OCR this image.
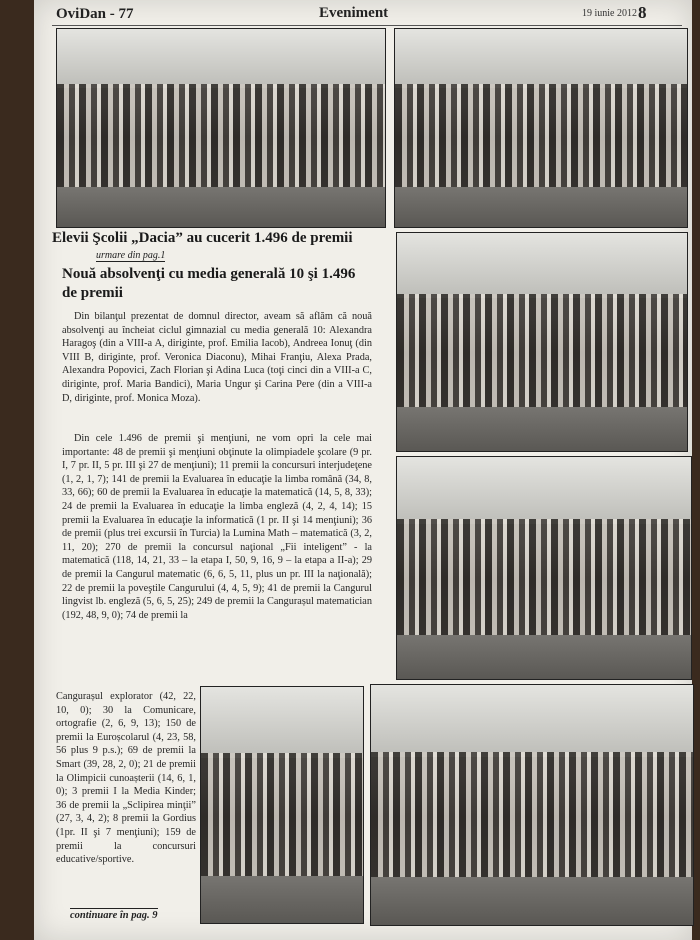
OviDan - 77	Eveniment	19 iunie 2012 8
Elevii Şcolii „Dacia” au cucerit 1.496 de premii
urmare din pag.1
Nouă absolvenţi cu media generală 10 şi 1.496 de premii
Din bilanţul prezentat de domnul director, aveam să aflăm că nouă absolvenţi au încheiat ciclul gimnazial cu media generală 10: Alexandra Haragoş (din a VIII-a A, diriginte, prof. Emilia Iacob), Andreea Ionuţ (din VIII B, diriginte, prof. Veronica Diaconu), Mihai Franţiu, Alexa Prada, Alexandra Popovici, Zach Florian şi Adina Luca (toţi cinci din a VIII-a C, diriginte, prof. Maria Bandici), Maria Ungur şi Carina Pere (din a VIII-a D, diriginte, prof. Monica Moza).
Din cele 1.496 de premii şi menţiuni, ne vom opri la cele mai importante: 48 de premii şi menţiuni obţinute la olimpiadele şcolare (9 pr. I, 7 pr. II, 5 pr. III şi 27 de menţiuni); 11 premii la concursuri interjudeţene (1, 2, 1, 7); 141 de premii la Evaluarea în educaţie la limba română (34, 8, 33, 66); 60 de premii la Evaluarea în educaţie la matematică (14, 5, 8, 33); 24 de premii la Evaluarea în educaţie la limba engleză (4, 2, 4, 14); 15 premii la Evaluarea în educaţie la informatică (1 pr. II şi 14 menţiuni); 36 de premii (plus trei excursii în Turcia) la Lumina Math – matematică (3, 2, 11, 20); 270 de premii la concursul naţional „Fii inteligent” - la matematică (118, 14, 21, 33 – la etapa I, 50, 9, 16, 9 – la etapa a II-a); 29 de premii la Cangurul matematic (6, 6, 5, 11, plus un pr. III la naţională); 22 de premii la poveştile Cangurului (4, 4, 5, 9); 41 de premii la Cangurul lingvist lb. engleză (5, 6, 5, 25); 249 de premii la Cangurașul matematician (192, 48, 9, 0); 74 de premii la
Cangurașul explorator (42, 22, 10, 0); 30 la Comunicare, ortografie (2, 6, 9, 13); 150 de premii la Euroșcolarul (4, 23, 58, 56 plus 9 p.s.); 69 de premii la Smart (39, 28, 2, 0); 21 de premii la Olimpicii cunoașterii (14, 6, 1, 0); 3 premii I la Media Kinder; 36 de premii la „Sclipirea minţii” (27, 3, 4, 2); 8 premii la Gordius (1pr. II şi 7 menţiuni); 159 de premii la concursuri educative/sportive.
continuare în pag. 9
